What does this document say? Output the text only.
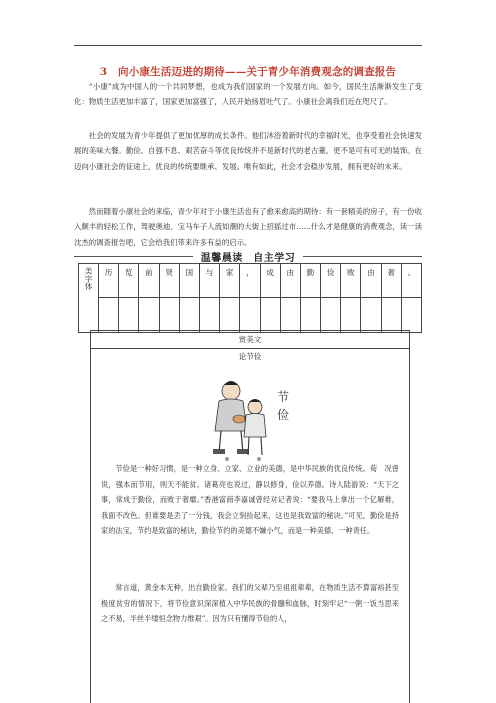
3　向小康生活迈进的期待——关于青少年消费观念的调查报告

“小康”成为中国人的一个共同梦想，也成为我们国家的一个发展方向。如今，国民生活渐渐发生了变化：物质生活更加丰富了，国家更加富强了，人民开始扬眉吐气了。小康社会离我们近在咫尺了。

社会的发展为青少年提供了更加优厚的成长条件。他们沐浴着新时代的幸福时光，也享受着社会快速发展的美味大餐。勤俭、自强不息、艰苦奋斗等优良传统并不是新时代的老古董，更不是可有可无的装饰。在迈向小康社会的征途上，优良的传统要继承、发展。唯有如此，社会才会稳步发展，拥有更好的未来。

然而随着小康社会的来临，青少年对于小康生活也有了愈来愈高的期待：有一套精美的房子，有一份收入颇丰的轻松工作，驾驶奥迪、宝马车子人流如潮的大街上招摇过市……什么才是健康的消费观念，读一读沈杰的调查报告吧，它会给我们带来许多有益的启示。

温馨晨读　自主学习
美字体	历	览	前	贤	国	与	家	，	成	由	勤	俭	败	由	奢	。

赏美文
论节俭
节
俭

节俭是一种好习惯，是一种立身、立家、立业的美德，是中华民族的优良传统。荀　况曾说，强本而节用，则天不能贫。诸葛亮也说过，静以修身，俭以养德。诗人陆游说：“天下之事，常成于勤俭，而败于奢靡。”香港富商李嘉诚曾经对记者说：“要我马上拿出一个亿解难，我面不改色。但谁要是丢了一分钱，我会立刻捡起来，这也是我致富的秘诀。”可见，勤俭是持家的法宝，节约是致富的秘诀，勤俭节约的美德不嫌小气，而是一种美德、一种责任。

常言道，黄金本无种，出自勤俭家。我们的父辈乃至祖祖辈辈，在物质生活不算富裕甚至极度贫穷的情况下，将节俭意识深深植入中华民族的骨髓和血脉，时刻牢记“一粥一饭当思来之不易，半丝半缕恒念物力维艰”。因为只有懂得节俭的人，
